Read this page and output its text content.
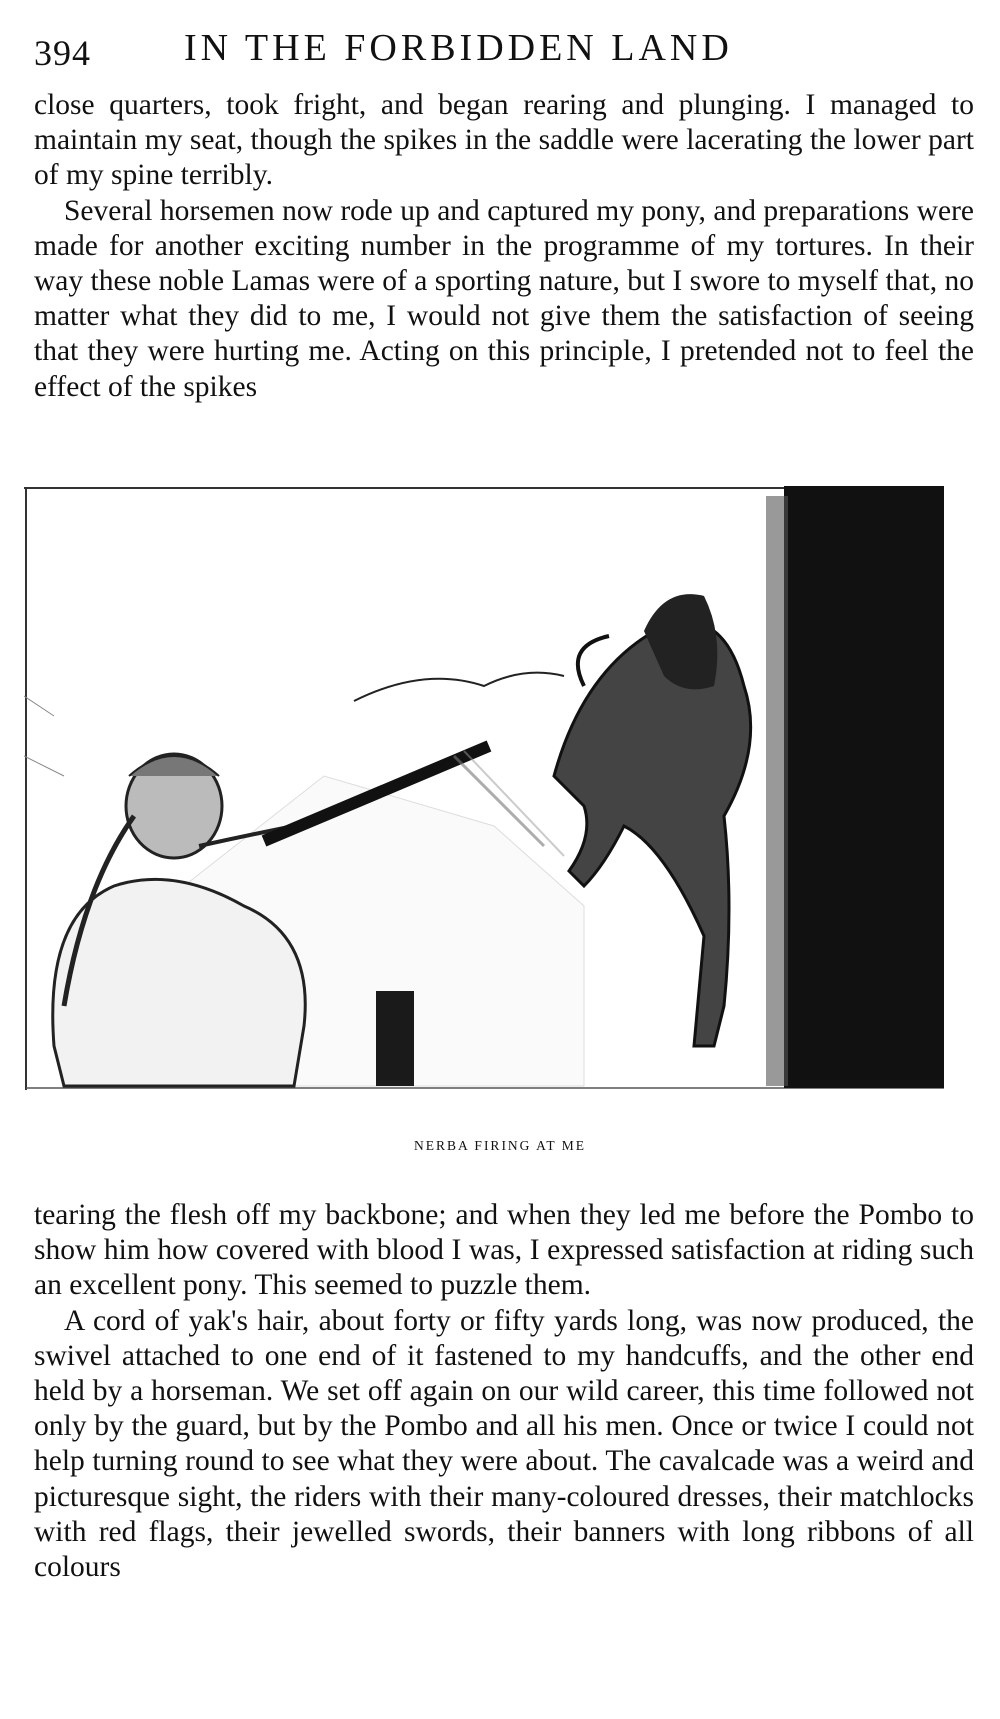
394 IN THE FORBIDDEN LAND

close quarters, took fright, and began rearing and plunging. I managed to maintain my seat, though the spikes in the saddle were lacerating the lower part of my spine terribly.

Several horsemen now rode up and captured my pony, and preparations were made for another exciting number in the programme of my tortures. In their way these noble Lamas were of a sporting nature, but I swore to myself that, no matter what they did to me, I would not give them the satisfaction of seeing that they were hurting me. Acting on this principle, I pretended not to feel the effect of the spikes

NERBA FIRING AT ME

tearing the flesh off my backbone; and when they led me before the Pombo to show him how covered with blood I was, I expressed satisfaction at riding such an excellent pony. This seemed to puzzle them.

A cord of yak's hair, about forty or fifty yards long, was now produced, the swivel attached to one end of it fastened to my handcuffs, and the other end held by a horseman. We set off again on our wild career, this time followed not only by the guard, but by the Pombo and all his men. Once or twice I could not help turning round to see what they were about. The cavalcade was a weird and picturesque sight, the riders with their many-coloured dresses, their matchlocks with red flags, their jewelled swords, their banners with long ribbons of all colours
